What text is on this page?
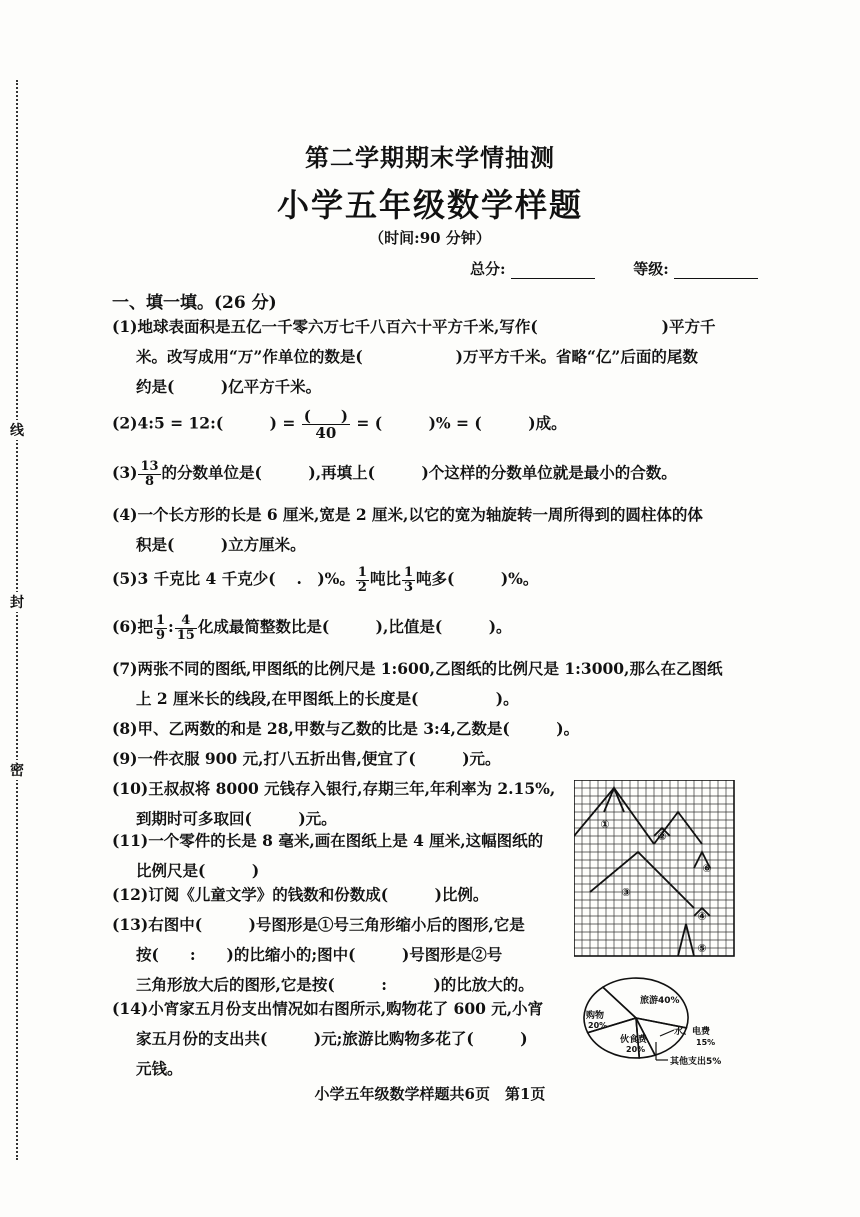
线
封
密
第二学期期末学情抽测
小学五年级数学样题
（时间:90 分钟）
总分:	等级:
一、填一填。(26 分)
(1)地球表面积是五亿一千零六万七千八百六十平方千米,写作(　　　　　　　　)平方千
米。改写成用“万”作单位的数是(　　　　　　)万平方千米。省略“亿”后面的尾数
约是(　　　)亿平方千米。
(2)4:5 = 12:(　　　) = $\frac{( )}{40}$ = (　　　)% = (　　　)成。
$(3) \frac{13}{8}$ 的分数单位是(　　　),再填上(　　　)个这样的分数单位就是最小的合数。
(4)一个长方形的长是 6 厘米,宽是 2 厘米,以它的宽为轴旋转一周所得到的圆柱体的体
积是(　　　)立方厘米。
(5)3 千克比 4 千克少(　 .　)%。 $\frac{1}{2}$ 吨比 $\frac{1}{3}$ 吨多(　　　)%。
(6)把 $\frac{1}{9}$ : $\frac{4}{15}$ 化成最简整数比是(　　　),比值是(　　　)。
(7)两张不同的图纸,甲图纸的比例尺是 1:600,乙图纸的比例尺是 1:3000,那么在乙图纸
上 2 厘米长的线段,在甲图纸上的长度是(　　　　　)。
(8)甲、乙两数的和是 28,甲数与乙数的比是 3:4,乙数是(　　　)。
(9)一件衣服 900 元,打八五折出售,便宜了(　　　)元。
(10)王叔叔将 8000 元钱存入银行,存期三年,年利率为 2.15%,
到期时可多取回(　　　)元。
(11)一个零件的长是 8 毫米,画在图纸上是 4 厘米,这幅图纸的
比例尺是(　　　)
(12)订阅《儿童文学》的钱数和份数成(　　　)比例。
(13)右图中(　　　)号图形是①号三角形缩小后的图形,它是
按(　　:　　)的比缩小的;图中(　　　)号图形是②号
三角形放大后的图形,它是按(　　　:　　　)的比放大的。
(14)小宵家五月份支出情况如右图所示,购物花了 600 元,小宵
家五月份的支出共(　　　)元;旅游比购物多花了(　　　)
元钱。
①
②
③
④
⑤
⑥
旅游40%
购物
20%
伙食费
20%
水、电费
15%
其他支出5%
小学五年级数学样题共6页　第1页
